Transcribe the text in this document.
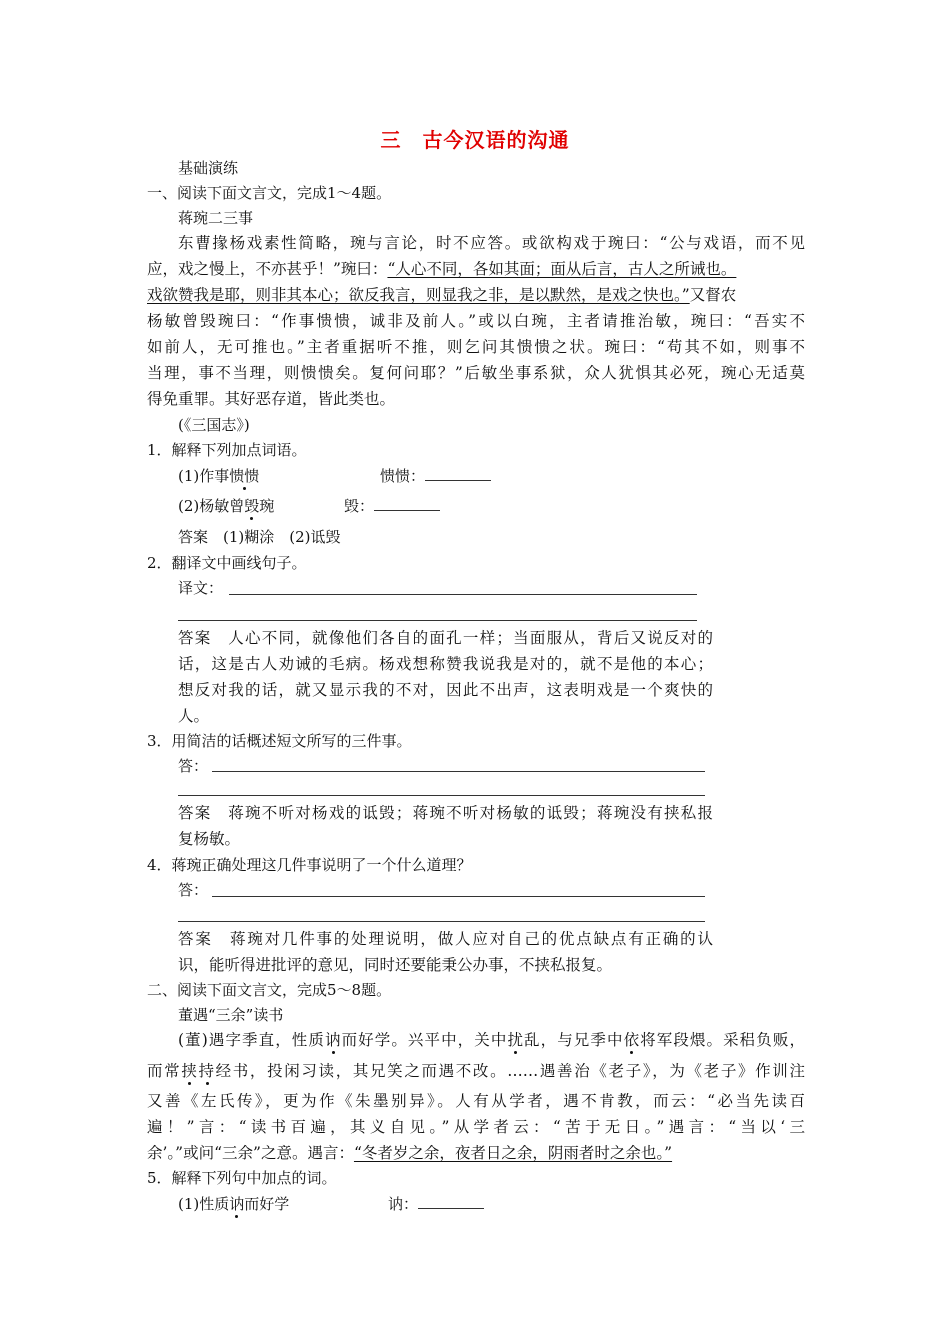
三　古今汉语的沟通
基础演练
一、阅读下面文言文，完成1～4题。
蒋琬二三事
东曹掾杨戏素性简略，琬与言论，时不应答。或欲构戏于琬曰：“公与戏语，而不见
应，戏之慢上，不亦甚乎！”琬曰：“人心不同，各如其面；面从后言，古人之所诫也。
戏欲赞我是耶，则非其本心；欲反我言，则显我之非，是以默然，是戏之快也。”又督农
杨敏曾毁琬曰：“作事愦愦，诚非及前人。”或以白琬，主者请推治敏，琬曰：“吾实不
如前人，无可推也。”主者重据听不推，则乞问其愦愦之状。琬曰：“苟其不如，则事不
当理，事不当理，则愦愦矣。复何问耶？”后敏坐事系狱，众人犹惧其必死，琬心无适莫
得免重罪。其好恶存道，皆此类也。
(《三国志》)
1．解释下列加点词语。
(1)作事愦愦	愦愦：
(2)杨敏曾毁琬	毁：
答案　(1)糊涂　(2)诋毁
2．翻译文中画线句子。
译文：
答案　人心不同，就像他们各自的面孔一样；当面服从，背后又说反对的
话，这是古人劝诫的毛病。杨戏想称赞我说我是对的，就不是他的本心；
想反对我的话，就又显示我的不对，因此不出声，这表明戏是一个爽快的
人。
3．用简洁的话概述短文所写的三件事。
答：
答案　蒋琬不听对杨戏的诋毁；蒋琬不听对杨敏的诋毁；蒋琬没有挟私报
复杨敏。
4．蒋琬正确处理这几件事说明了一个什么道理？
答：
答案　蒋琬对几件事的处理说明，做人应对自己的优点缺点有正确的认
识，能听得进批评的意见，同时还要能秉公办事，不挟私报复。
二、阅读下面文言文，完成5～8题。
董遇“三余”读书
(董)遇字季直，性质讷而好学。兴平中，关中扰乱，与兄季中依将军段煨。采稆负贩，
而常挟持经书，投闲习读，其兄笑之而遇不改。……遇善治《老子》，为《老子》作训注
又善《左氏传》，更为作《朱墨别异》。人有从学者，遇不肯教，而云：“必当先读百
遍！”言：“读书百遍，其义自见。”从学者云：“苦于无日。”遇言：“当以‘三
余’。”或问“三余”之意。遇言：“冬者岁之余，夜者日之余，阴雨者时之余也。”
5．解释下列句中加点的词。
(1)性质讷而好学	讷：
